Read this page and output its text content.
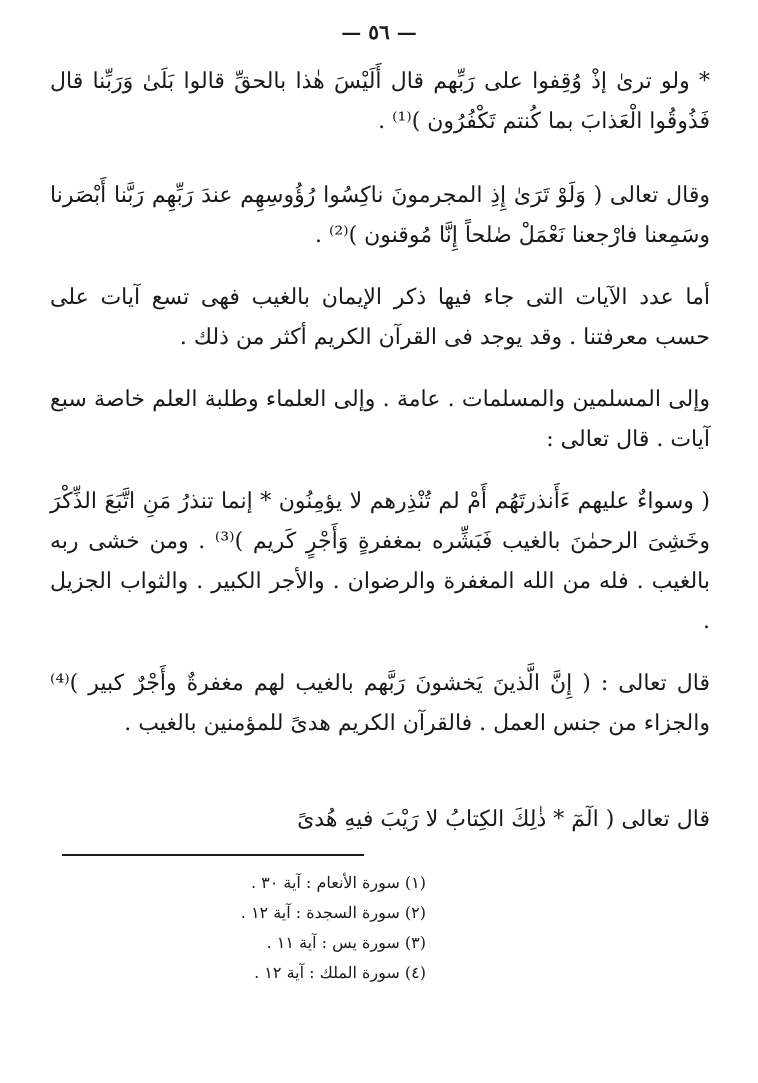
— ٥٦ —
* ولو ترىٰ إذْ وُقِفوا على رَبِّهم قال أَلَيْسَ هٰذا بالحقِّ قالوا بَلَىٰ وَرَبِّنا قال فَذُوقُوا الْعَذابَ بما كُنتم تَكْفُرُون )⁽¹⁾ .
وقال تعالى ( وَلَوْ تَرَىٰ إِذِ المجرمونَ ناكِسُوا رُؤُوسِهِم عندَ رَبِّهِم رَبَّنا أَبْصَرنا وسَمِعنا فارْجعنا نَعْمَلْ صٰلحاً إِنَّا مُوقنون )⁽²⁾ .
أما عدد الآيات التى جاء فيها ذكر الإيمان بالغيب فهى تسع آيات على حسب معرفتنا . وقد يوجد فى القرآن الكريم أكثر من ذلك .
وإلى المسلمين والمسلمات . عامة . وإلى العلماء وطلبة العلم خاصة سبع آيات . قال تعالى :
( وسواءٌ عليهم ءَأَنذرتَهُم أَمْ لم تُنْذِرهم لا يؤمِنُون * إنما تنذرُ مَنِ اتَّبَعَ الذِّكْرَ وخَشِىَ الرحمٰنَ بالغيب فَبَشِّره بمغفرةٍ وَأَجْرٍ كَريم )⁽³⁾ . ومن خشى ربه بالغيب . فله من الله المغفرة والرضوان . والأجر الكبير . والثواب الجزيل .
قال تعالى : ( إِنَّ الَّذينَ يَخشونَ رَبَّهم بالغيب لهم مغفرةٌ وأَجْرٌ كبير )⁽⁴⁾ والجزاء من جنس العمل . فالقرآن الكريم هدىً للمؤمنين بالغيب .
قال تعالى ( الٓمٓ * ذٰلِكَ الكِتابُ لا رَيْبَ فيهِ هُدىً
(١) سورة الأنعام : آية ٣٠ .
(٢) سورة السجدة : آية ١٢ .
(٣) سورة يس : آية ١١ .
(٤) سورة الملك : آية ١٢ .
